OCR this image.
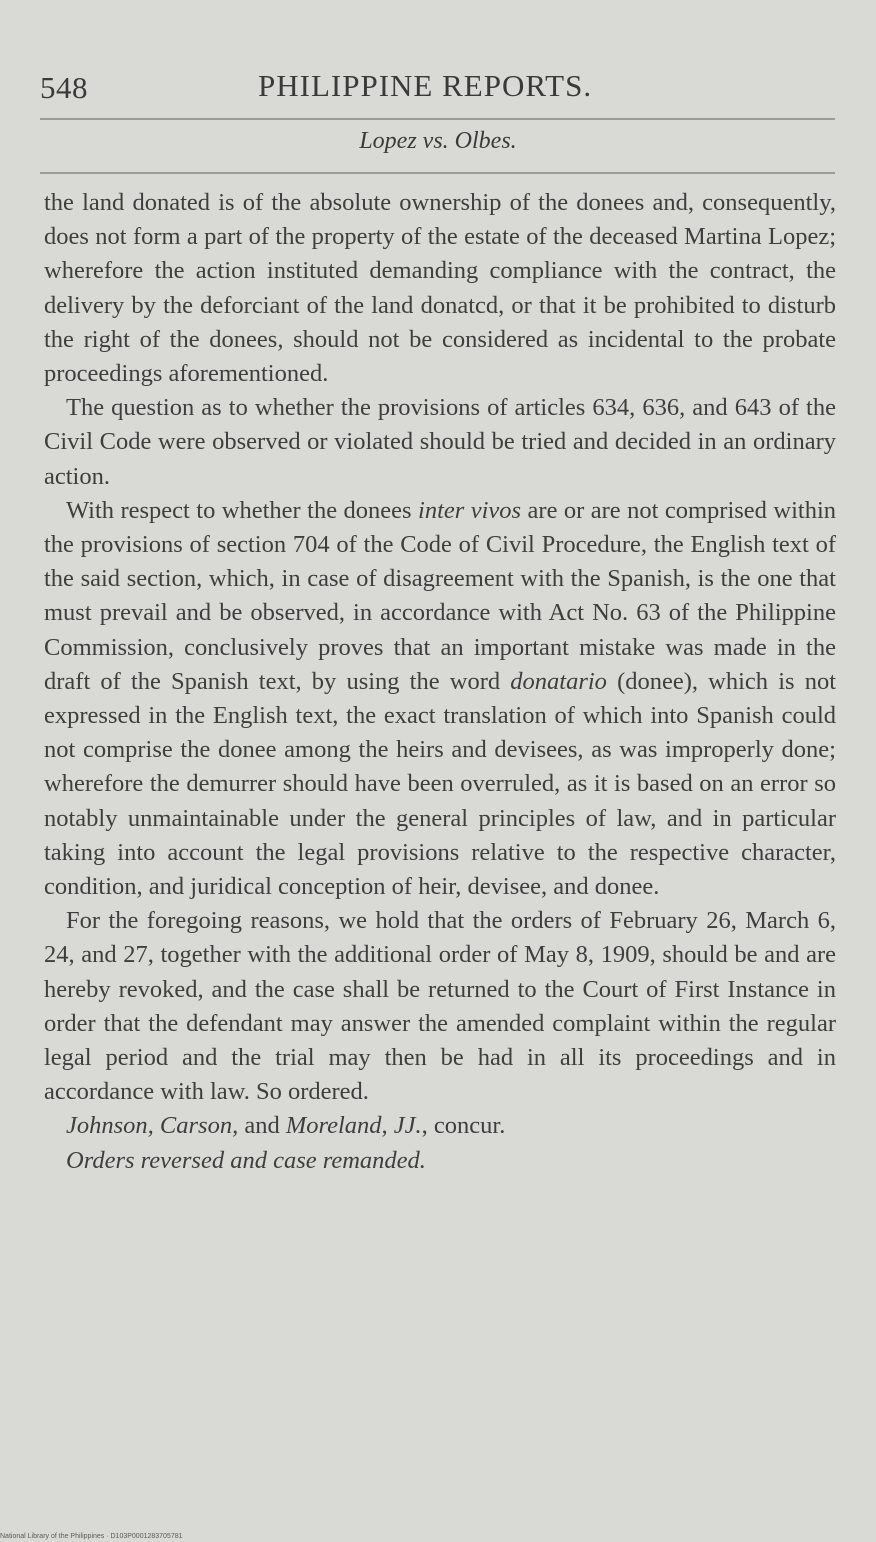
548	PHILIPPINE REPORTS.
Lopez vs. Olbes.

the land donated is of the absolute ownership of the donees and, consequently, does not form a part of the property of the estate of the deceased Martina Lopez; wherefore the action instituted demanding compliance with the contract, the delivery by the deforciant of the land donatcd, or that it be prohibited to disturb the right of the donees, should not be considered as incidental to the probate proceedings aforementioned.

The question as to whether the provisions of articles 634, 636, and 643 of the Civil Code were observed or violated should be tried and decided in an ordinary action.

With respect to whether the donees inter vivos are or are not comprised within the provisions of section 704 of the Code of Civil Procedure, the English text of the said section, which, in case of disagreement with the Spanish, is the one that must prevail and be observed, in accordance with Act No. 63 of the Philippine Commission, conclusively proves that an important mistake was made in the draft of the Spanish text, by using the word donatario (donee), which is not expressed in the English text, the exact translation of which into Spanish could not comprise the donee among the heirs and devisees, as was improperly done; wherefore the demurrer should have been overruled, as it is based on an error so notably unmaintainable under the general principles of law, and in particular taking into account the legal provisions relative to the respective character, condition, and juridical conception of heir, devisee, and donee.

For the foregoing reasons, we hold that the orders of February 26, March 6, 24, and 27, together with the additional order of May 8, 1909, should be and are hereby revoked, and the case shall be returned to the Court of First Instance in order that the defendant may answer the amended complaint within the regular legal period and the trial may then be had in all its proceedings and in accordance with law. So ordered.

Johnson, Carson, and Moreland, JJ., concur.

Orders reversed and case remanded.

National Library of the Philippines · D103P0001283705781
